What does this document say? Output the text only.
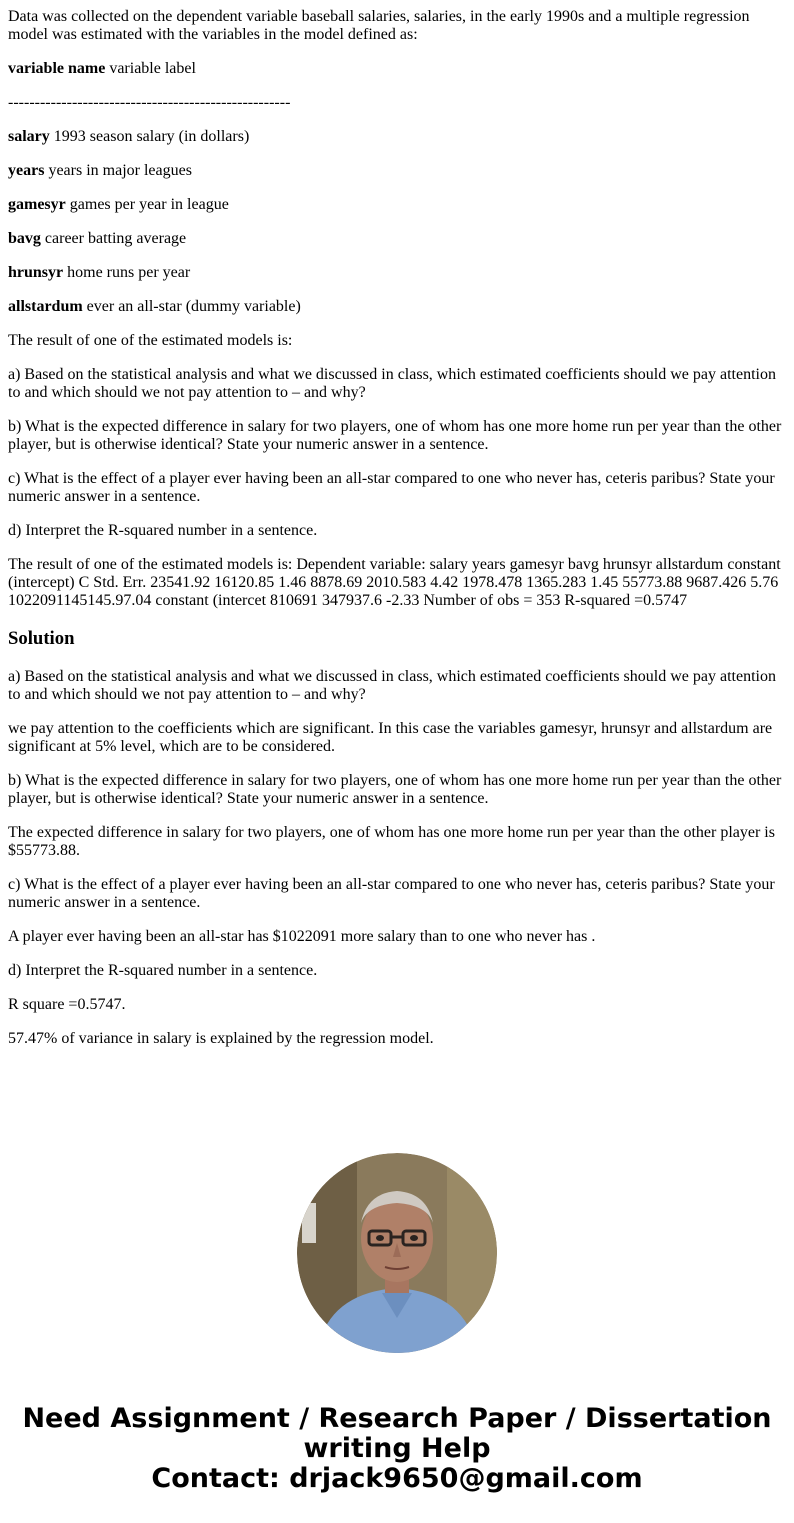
Data was collected on the dependent variable baseball salaries, salaries, in the early 1990s and a multiple regression model was estimated with the variables in the model defined as:

variable name variable label

-----------------------------------------------------

salary 1993 season salary (in dollars)

years years in major leagues

gamesyr games per year in league

bavg career batting average

hrunsyr home runs per year

allstardum ever an all-star (dummy variable)

The result of one of the estimated models is:

a) Based on the statistical analysis and what we discussed in class, which estimated coefficients should we pay attention to and which should we not pay attention to – and why?

b) What is the expected difference in salary for two players, one of whom has one more home run per year than the other player, but is otherwise identical? State your numeric answer in a sentence.

c) What is the effect of a player ever having been an all-star compared to one who never has, ceteris paribus? State your numeric answer in a sentence.

d) Interpret the R-squared number in a sentence.

The result of one of the estimated models is: Dependent variable: salary years gamesyr bavg hrunsyr allstardum constant (intercept) C Std. Err. 23541.92 16120.85 1.46 8878.69 2010.583 4.42 1978.478 1365.283 1.45 55773.88 9687.426 5.76 1022091145145.97.04 constant (intercet 810691 347937.6 -2.33 Number of obs = 353 R-squared =0.5747

Solution

a) Based on the statistical analysis and what we discussed in class, which estimated coefficients should we pay attention to and which should we not pay attention to – and why?

we pay attention to the coefficients which are significant. In this case the variables gamesyr, hrunsyr and allstardum are significant at 5% level, which are to be considered.

b) What is the expected difference in salary for two players, one of whom has one more home run per year than the other player, but is otherwise identical? State your numeric answer in a sentence.

The expected difference in salary for two players, one of whom has one more home run per year than the other player is $55773.88.

c) What is the effect of a player ever having been an all-star compared to one who never has, ceteris paribus? State your numeric answer in a sentence.

A player ever having been an all-star has $1022091 more salary than to one who never has .

d) Interpret the R-squared number in a sentence.

R square =0.5747.

57.47% of variance in salary is explained by the regression model.

Need Assignment / Research Paper / Dissertation
writing Help
Contact: drjack9650@gmail.com
